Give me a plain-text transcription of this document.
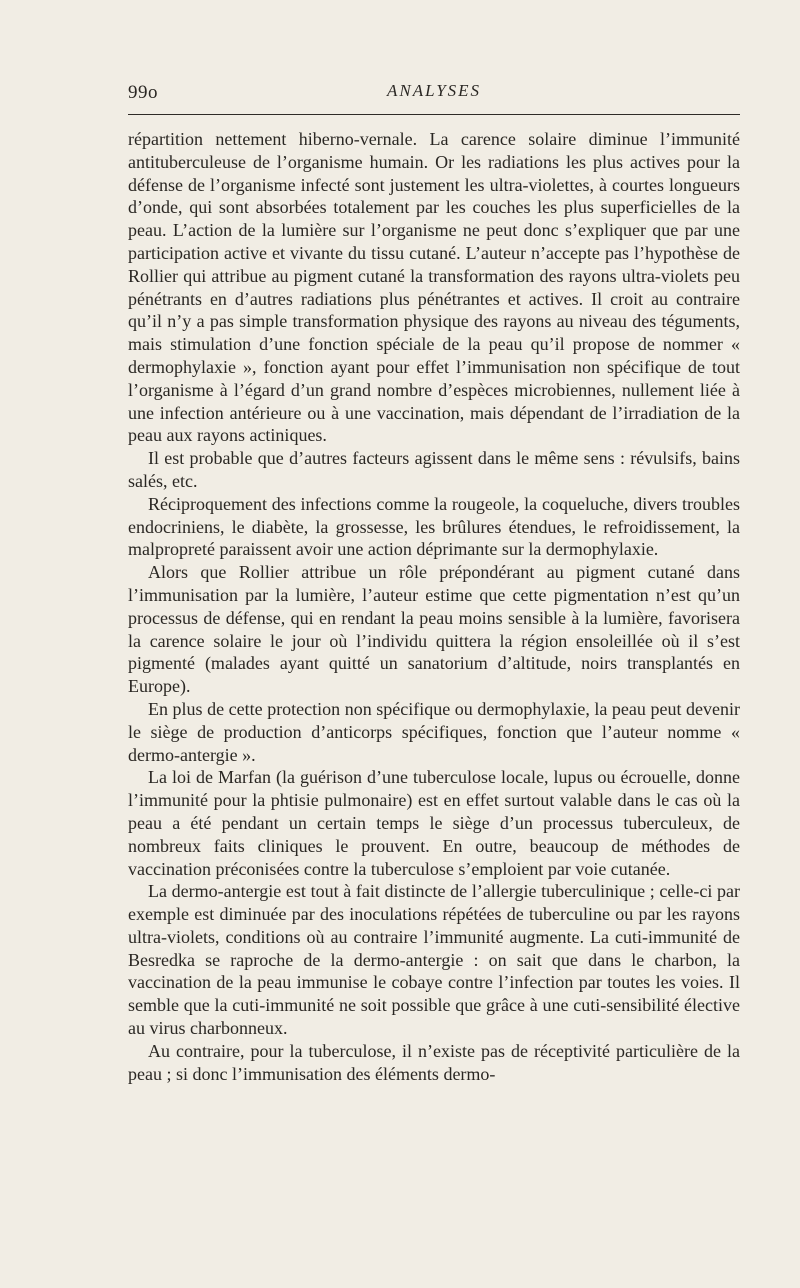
99o	ANALYSES

répartition nettement hiberno-vernale. La carence solaire diminue l’immunité antituberculeuse de l’organisme humain. Or les radiations les plus actives pour la défense de l’organisme infecté sont justement les ultra-violettes, à courtes longueurs d’onde, qui sont absorbées totalement par les couches les plus superficielles de la peau. L’action de la lumière sur l’organisme ne peut donc s’expliquer que par une participation active et vivante du tissu cutané. L’auteur n’accepte pas l’hypothèse de Rollier qui attribue au pigment cutané la transformation des rayons ultra-violets peu pénétrants en d’autres radiations plus pénétrantes et actives. Il croit au contraire qu’il n’y a pas simple transformation physique des rayons au niveau des téguments, mais stimulation d’une fonction spéciale de la peau qu’il propose de nommer « dermophylaxie », fonction ayant pour effet l’immunisation non spécifique de tout l’organisme à l’égard d’un grand nombre d’espèces microbiennes, nullement liée à une infection antérieure ou à une vaccination, mais dépendant de l’irradiation de la peau aux rayons actiniques.

Il est probable que d’autres facteurs agissent dans le même sens : révulsifs, bains salés, etc.

Réciproquement des infections comme la rougeole, la coqueluche, divers troubles endocriniens, le diabète, la grossesse, les brûlures étendues, le refroidissement, la malpropreté paraissent avoir une action déprimante sur la dermophylaxie.

Alors que Rollier attribue un rôle prépondérant au pigment cutané dans l’immunisation par la lumière, l’auteur estime que cette pigmentation n’est qu’un processus de défense, qui en rendant la peau moins sensible à la lumière, favorisera la carence solaire le jour où l’individu quittera la région ensoleillée où il s’est pigmenté (malades ayant quitté un sanatorium d’altitude, noirs transplantés en Europe).

En plus de cette protection non spécifique ou dermophylaxie, la peau peut devenir le siège de production d’anticorps spécifiques, fonction que l’auteur nomme « dermo-antergie ».

La loi de Marfan (la guérison d’une tuberculose locale, lupus ou écrouelle, donne l’immunité pour la phtisie pulmonaire) est en effet surtout valable dans le cas où la peau a été pendant un certain temps le siège d’un processus tuberculeux, de nombreux faits cliniques le prouvent. En outre, beaucoup de méthodes de vaccination préconisées contre la tuberculose s’emploient par voie cutanée.

La dermo-antergie est tout à fait distincte de l’allergie tuberculinique ; celle-ci par exemple est diminuée par des inoculations répétées de tuberculine ou par les rayons ultra-violets, conditions où au contraire l’immunité augmente. La cuti-immunité de Besredka se raproche de la dermo-antergie : on sait que dans le charbon, la vaccination de la peau immunise le cobaye contre l’infection par toutes les voies. Il semble que la cuti-immunité ne soit possible que grâce à une cuti-sensibilité élective au virus charbonneux.

Au contraire, pour la tuberculose, il n’existe pas de réceptivité particulière de la peau ; si donc l’immunisation des éléments dermo-
